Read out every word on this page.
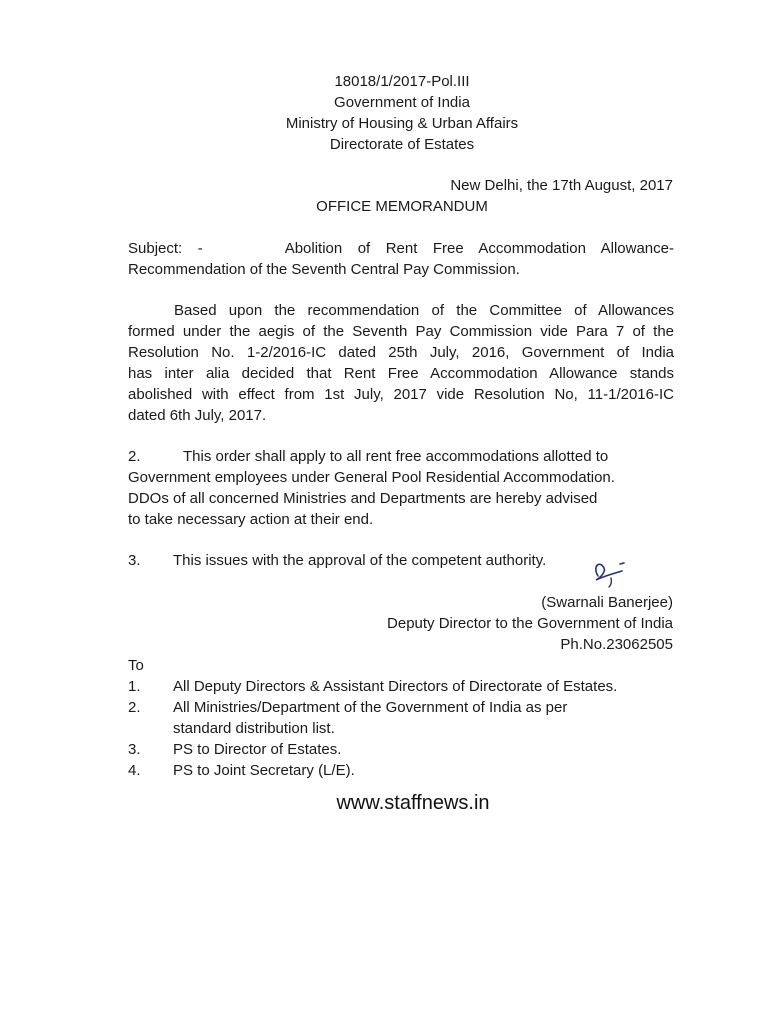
18018/1/2017-Pol.III
Government of India
Ministry of Housing & Urban Affairs
Directorate of Estates
New Delhi, the 17th August, 2017
OFFICE MEMORANDUM
Subject: -	Abolition of Rent Free Accommodation Allowance-
Recommendation of the Seventh Central Pay Commission.
Based upon the recommendation of the Committee of Allowances
formed under the aegis of the Seventh Pay Commission vide Para 7 of the
Resolution No. 1-2/2016-IC dated 25th July, 2016, Government of India
has inter alia decided that Rent Free Accommodation Allowance stands
abolished with effect from 1st July, 2017 vide Resolution No, 11-1/2016-IC
dated 6th July, 2017.
2.	This order shall apply to all rent free accommodations allotted to
Government employees under General Pool Residential Accommodation.
DDOs of all concerned Ministries and Departments are hereby advised
to take necessary action at their end.
3. This issues with the approval of the competent authority.
(Swarnali Banerjee)
Deputy Director to the Government of India
Ph.No.23062505
To
1. All Deputy Directors & Assistant Directors of Directorate of Estates.
2. All Ministries/Department of the Government of India as per
standard distribution list.
3. PS to Director of Estates.
4. PS to Joint Secretary (L/E).
www.staffnews.in
